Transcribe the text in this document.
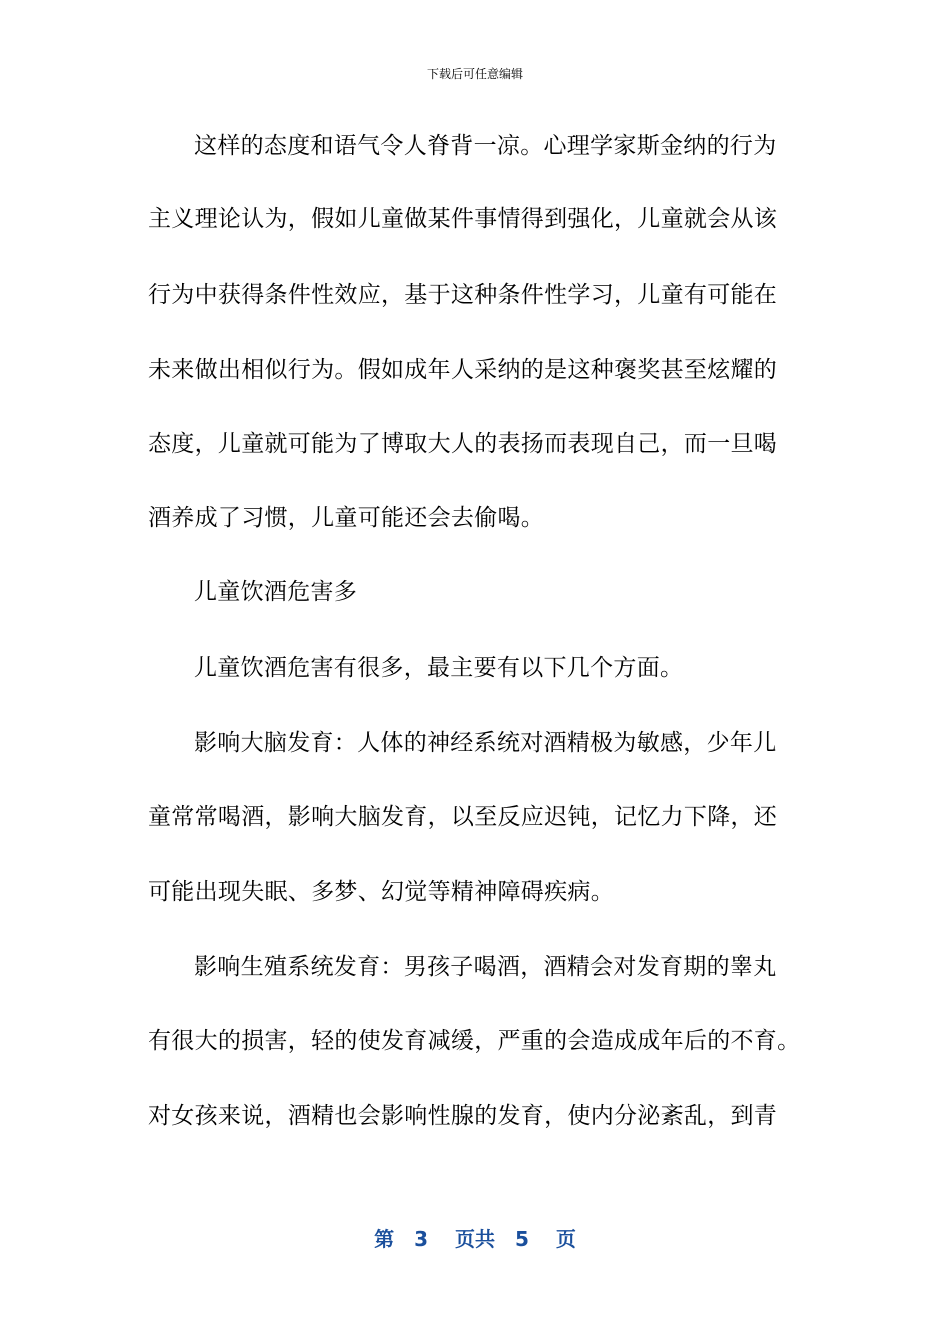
下载后可任意编辑
这样的态度和语气令人脊背一凉。心理学家斯金纳的行为
主义理论认为，假如儿童做某件事情得到强化，儿童就会从该
行为中获得条件性效应，基于这种条件性学习，儿童有可能在
未来做出相似行为。假如成年人采纳的是这种褒奖甚至炫耀的
态度，儿童就可能为了博取大人的表扬而表现自己，而一旦喝
酒养成了习惯，儿童可能还会去偷喝。
儿童饮酒危害多
儿童饮酒危害有很多，最主要有以下几个方面。
影响大脑发育：人体的神经系统对酒精极为敏感，少年儿
童常常喝酒，影响大脑发育，以至反应迟钝，记忆力下降，还
可能出现失眠、多梦、幻觉等精神障碍疾病。
影响生殖系统发育：男孩子喝酒，酒精会对发育期的睾丸
有很大的损害，轻的使发育减缓，严重的会造成成年后的不育。
对女孩来说，酒精也会影响性腺的发育，使内分泌紊乱，到青
第　3　 页共　5　 页
